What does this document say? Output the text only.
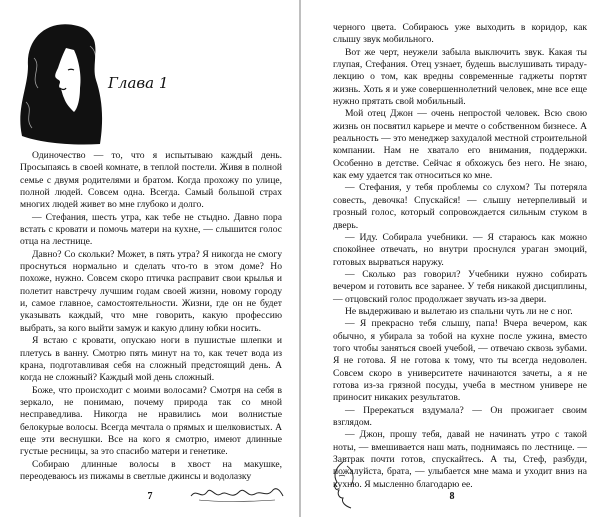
Глава 1

Одиночество — то, что я испытываю каждый день. Просыпаясь в своей комнате, в теплой постели. Живя в полной семье с двумя родителями и братом. Когда прохожу по улице, полной людей. Совсем одна. Всегда. Самый большой страх многих людей живет во мне глубоко и долго.

— Стефания, шесть утра, как тебе не стыдно. Давно пора встать с кровати и помочь матери на кухне, — слышится голос отца на лестнице.

Давно? Со скольки? Может, в пять утра? Я никогда не смогу проснуться нормально и сделать что-то в этом доме? Но похоже, нужно. Совсем скоро птичка расправит свои крылья и полетит навстречу лучшим годам своей жизни, новому городу и, самое главное, самостоятельности. Жизни, где он не будет указывать каждый, что мне говорить, какую профессию выбрать, за кого выйти замуж и какую длину юбки носить.

Я встаю с кровати, опускаю ноги в пушистые шлепки и плетусь в ванну. Смотрю пять минут на то, как течет вода из крана, подготавливая себя на сложный предстоящий день. А когда не сложный? Каждый мой день сложный.

Боже, что происходит с моими волосами? Смотря на себя в зеркало, не понимаю, почему природа так со мной несправедлива. Никогда не нравились мои волнистые белокурые волосы. Всегда мечтала о прямых и шелковистых. А еще эти веснушки. Все на кого я смотрю, имеют длинные густые ресницы, за это спасибо матери и генетике.

Собираю длинные волосы в хвост на макушке, переодеваюсь из пижамы в светлые джинсы и водолазку

7

черного цвета. Собираюсь уже выходить в коридор, как слышу звук мобильного.

Вот же черт, неужели забыла выключить звук. Какая ты глупая, Стефания. Отец узнает, будешь выслушивать тираду-лекцию о том, как вредны современные гаджеты портят жизнь. Хоть я и уже совершеннолетний человек, мне все еще нужно прятать свой мобильный.

Мой отец Джон — очень непростой человек. Всю свою жизнь он посвятил карьере и мечте о собственном бизнесе. А реальность — это менеджер захудалой местной строительной компании. Нам не хватало его внимания, поддержки. Особенно в детстве. Сейчас я обхожусь без него. Не знаю, как ему удается так относиться ко мне.

— Стефания, у тебя проблемы со слухом? Ты потеряла совесть, девочка! Спускайся! — слышу нетерпеливый и грозный голос, который сопровождается сильным стуком в дверь.

— Иду. Собирала учебники. — Я стараюсь как можно спокойнее отвечать, но внутри проснулся ураган эмоций, готовых вырваться наружу.

— Сколько раз говорил? Учебники нужно собирать вечером и готовить все заранее. У тебя никакой дисциплины, — отцовский голос продолжает звучать из-за двери.

Не выдерживаю и вылетаю из спальни чуть ли не с ног.

— Я прекрасно тебя слышу, папа! Вчера вечером, как обычно, я убирала за тобой на кухне после ужина, вместо того чтобы заняться своей учебой, — отвечаю сквозь зубами. Я не готова. Я не готова к тому, что ты всегда недоволен. Совсем скоро в университете начинаются зачеты, а я не готова из-за грязной посуды, учеба в местном универе не приносит никаких результатов.

— Пререкаться вздумала? — Он прожигает своим взглядом.

— Джон, прошу тебя, давай не начинать утро с такой ноты, — вмешивается наш мать, поднимаясь по лестнице. — Завтрак почти готов, спускайтесь. А ты, Стеф, разбуди, пожалуйста, брата, — улыбается мне мама и уходит вниз на кухню. Я мысленно благодарю ее.

8
